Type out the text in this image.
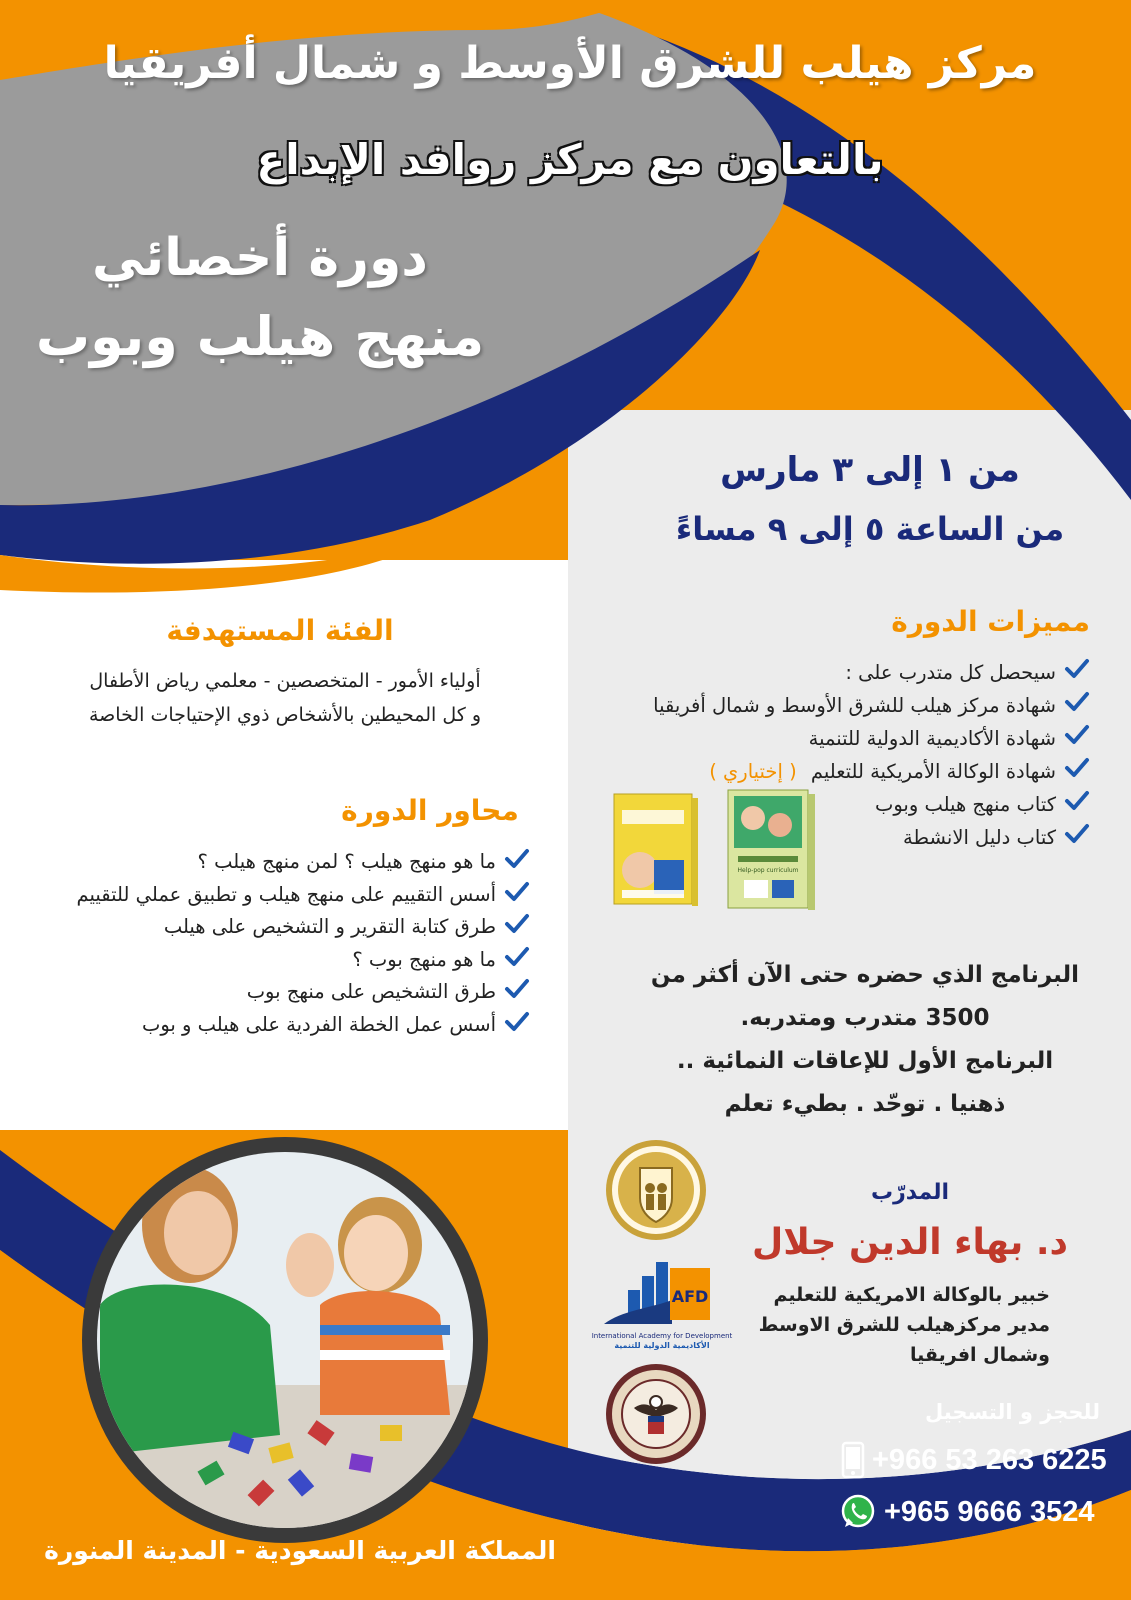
مركز هيلب للشرق الأوسط و شمال أفريقيا
بالتعاون مع مركز روافد الإبداع
دورة أخصائي
منهج هيلب وبوب
من ١ إلى ٣ مارس
من الساعة ٥ إلى ٩ مساءً
الفئة المستهدفة
أولياء الأمور - المتخصصين - معلمي رياض الأطفال
و كل المحيطين بالأشخاص ذوي الإحتياجات الخاصة
مميزات الدورة
سيحصل كل متدرب على :
شهادة مركز هيلب للشرق الأوسط و شمال أفريقيا
شهادة الأكاديمية الدولية للتنمية
شهادة الوكالة الأمريكية للتعليم ( إختياري )
كتاب منهج هيلب وبوب
كتاب دليل الانشطة
Help-pop curriculum
محاور الدورة
ما هو منهج هيلب ؟ لمن منهج هيلب ؟
أسس التقييم على منهج هيلب و تطبيق عملي للتقييم
طرق كتابة التقرير و التشخيص على هيلب
ما هو منهج بوب ؟
طرق التشخيص على منهج بوب
أسس عمل الخطة الفردية على هيلب و بوب
البرنامج الذي حضره حتى الآن أكثر من
3500 متدرب ومتدربه.
البرنامج الأول للإعاقات النمائية ..
ذهنيا . توحّد . بطيء تعلم
AFD
International Academy for Development
الأكاديمية الدولية للتنمية
المدرّب
د. بهاء الدين جلال
خبير بالوكالة الامريكية للتعليم
مدير مركزهيلب للشرق الاوسط
وشمال افريقيا
للحجز و التسجيل
+966 53 263 6225
+965 9666 3524
المملكة العربية السعودية - المدينة المنورة
